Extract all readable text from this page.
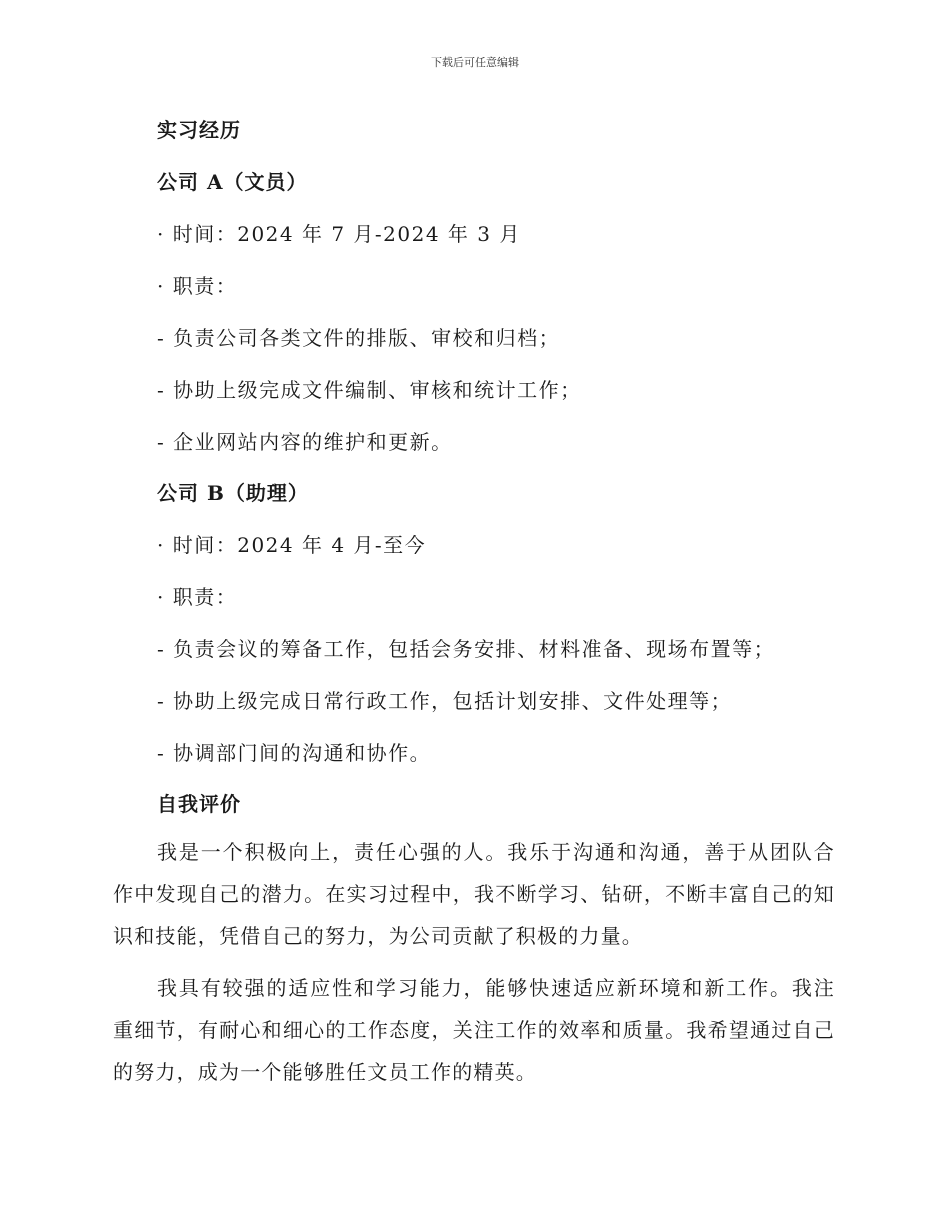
下载后可任意编辑
实习经历
公司 A（文员）
· 时间：2024 年 7 月-2024 年 3 月
· 职责：
- 负责公司各类文件的排版、审校和归档；
- 协助上级完成文件编制、审核和统计工作；
- 企业网站内容的维护和更新。
公司 B（助理）
· 时间：2024 年 4 月-至今
· 职责：
- 负责会议的筹备工作，包括会务安排、材料准备、现场布置等；
- 协助上级完成日常行政工作，包括计划安排、文件处理等；
- 协调部门间的沟通和协作。
自我评价
我是一个积极向上，责任心强的人。我乐于沟通和沟通，善于从团队合作中发现自己的潜力。在实习过程中，我不断学习、钻研，不断丰富自己的知识和技能，凭借自己的努力，为公司贡献了积极的力量。
我具有较强的适应性和学习能力，能够快速适应新环境和新工作。我注重细节，有耐心和细心的工作态度，关注工作的效率和质量。我希望通过自己的努力，成为一个能够胜任文员工作的精英。
